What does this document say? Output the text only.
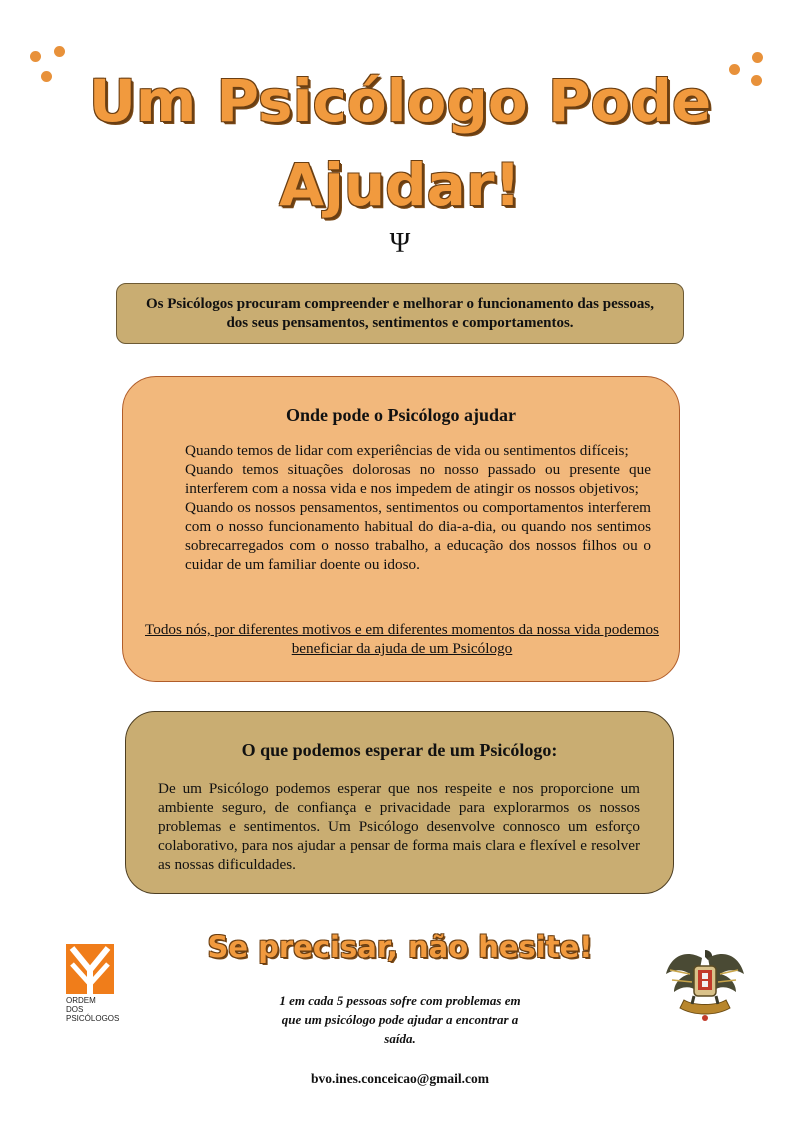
Um Psicólogo Pode
Ajudar!
Ψ
Os Psicólogos procuram compreender e melhorar o funcionamento das pessoas, dos seus pensamentos, sentimentos e comportamentos.
Onde pode o Psicólogo ajudar

Quando temos de lidar com experiências de vida ou sentimentos difíceis;

Quando temos situações dolorosas no nosso passado ou presente que interferem com a nossa vida e nos impedem de atingir os nossos objetivos;

Quando os nossos pensamentos, sentimentos ou comportamentos interferem com o nosso funcionamento habitual do dia-a-dia, ou quando nos sentimos sobrecarregados com o nosso trabalho, a educação dos nossos filhos ou o cuidar de um familiar doente ou idoso.

Todos nós, por diferentes motivos e em diferentes momentos da nossa vida podemos beneficiar da ajuda de um Psicólogo
O que podemos esperar de um Psicólogo:
De um Psicólogo podemos esperar que nos respeite e nos proporcione um ambiente seguro, de confiança e privacidade para explorarmos os nossos problemas e sentimentos. Um Psicólogo desenvolve connosco um esforço colaborativo, para nos ajudar a pensar de forma mais clara e flexível e resolver as nossas dificuldades.
Se precisar, não hesite!
1 em cada 5 pessoas sofre com problemas em que um psicólogo pode ajudar a encontrar a saída.
bvo.ines.conceicao@gmail.com
ORDEM
DOS
PSICÓLOGOS
